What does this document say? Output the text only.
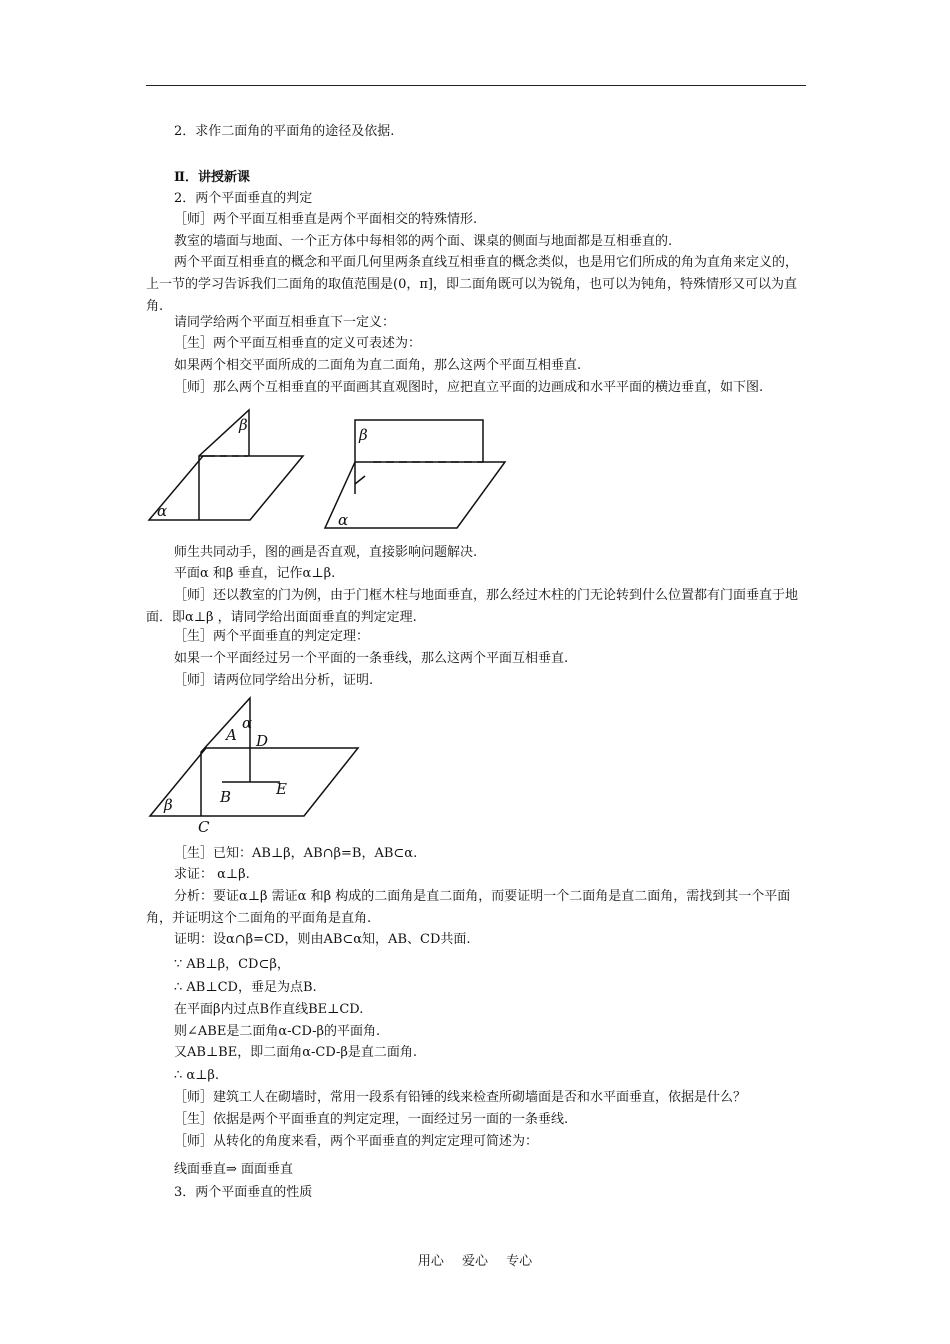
2．求作二面角的平面角的途径及依据.
Ⅱ．讲授新课
2．两个平面垂直的判定
［师］两个平面互相垂直是两个平面相交的特殊情形.
教室的墙面与地面、一个正方体中每相邻的两个面、课桌的侧面与地面都是互相垂直的.
两个平面互相垂直的概念和平面几何里两条直线互相垂直的概念类似，也是用它们所成的角为直角来定义的，上一节的学习告诉我们二面角的取值范围是(0，π]，即二面角既可以为锐角，也可以为钝角，特殊情形又可以为直角.
请同学给两个平面互相垂直下一定义：
［生］两个平面互相垂直的定义可表述为：
如果两个相交平面所成的二面角为直二面角，那么这两个平面互相垂直.
［师］那么两个互相垂直的平面画其直观图时，应把直立平面的边画成和水平平面的横边垂直，如下图.
β
α
β
α
师生共同动手，图的画是否直观，直接影响问题解决.
平面α 和β 垂直，记作α⊥β.
［师］还以教室的门为例，由于门框木柱与地面垂直，那么经过木柱的门无论转到什么位置都有门面垂直于地面．即α⊥β ，请同学给出面面垂直的判定定理.
［生］两个平面垂直的判定定理：
如果一个平面经过另一个平面的一条垂线，那么这两个平面互相垂直.
［师］请两位同学给出分析，证明.
α
A D
E
B
β
C
［生］已知：AB⊥β，AB∩β=B，AB⊂α.
求证： α⊥β.
分析：要证α⊥β 需证α 和β 构成的二面角是直二面角，而要证明一个二面角是直二面角，需找到其一个平面角，并证明这个二面角的平面角是直角.
证明：设α∩β=CD，则由AB⊂α知，AB、CD共面.
∵ AB⊥β，CD⊂β，
∴ AB⊥CD，垂足为点B.
在平面β内过点B作直线BE⊥CD.
则∠ABE是二面角α-CD-β的平面角.
又AB⊥BE，即二面角α-CD-β是直二面角.
∴ α⊥β.
［师］建筑工人在砌墙时，常用一段系有铅锤的线来检查所砌墙面是否和水平面垂直，依据是什么？
［生］依据是两个平面垂直的判定定理，一面经过另一面的一条垂线.
［师］从转化的角度来看，两个平面垂直的判定定理可简述为：
线面垂直⇒ 面面垂直
3．两个平面垂直的性质
用心 爱心 专心
